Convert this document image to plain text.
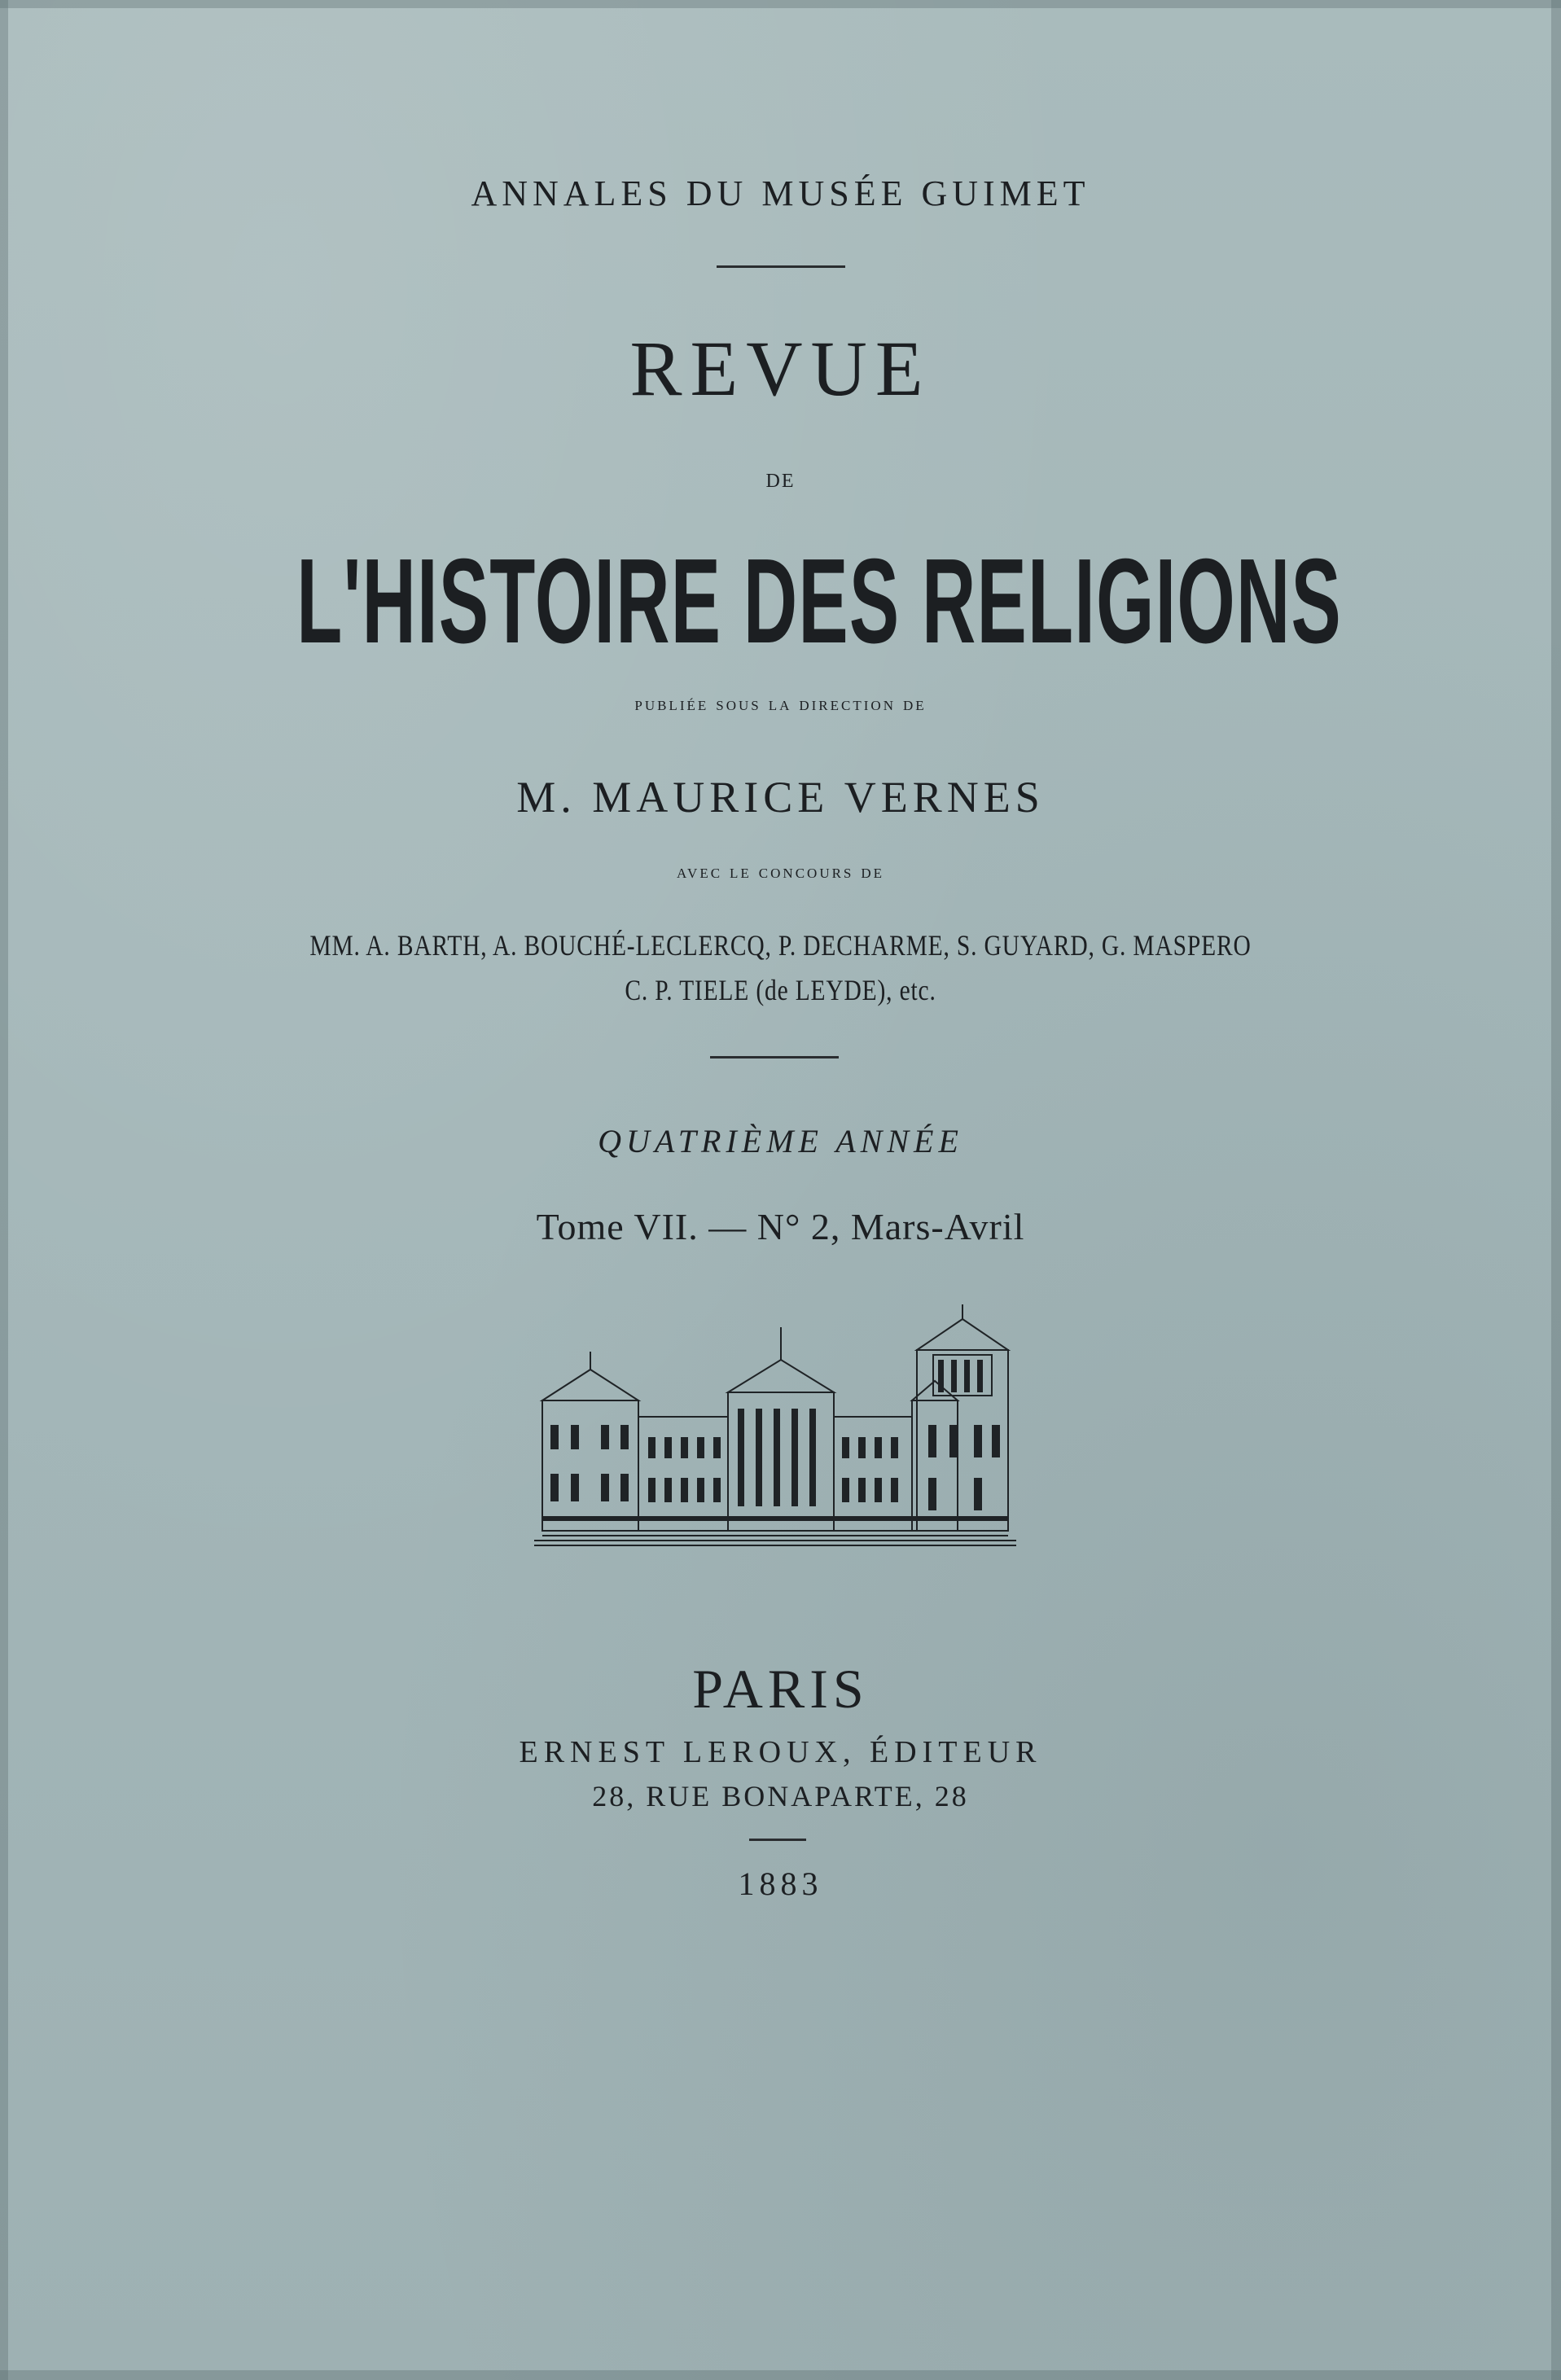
ANNALES DU MUSÉE GUIMET
REVUE
DE
L'HISTOIRE DES RELIGIONS
publiée sous la direction de
M. MAURICE VERNES
avec le concours de
MM. A. BARTH, A. BOUCHÉ-LECLERCQ, P. DECHARME, S. GUYARD, G. MASPERO
C. P. TIELE (de LEYDE), etc.
QUATRIÈME ANNÉE
Tome VII. — N° 2, Mars-Avril
PARIS
ERNEST LEROUX, ÉDITEUR
28, RUE BONAPARTE, 28
1883
